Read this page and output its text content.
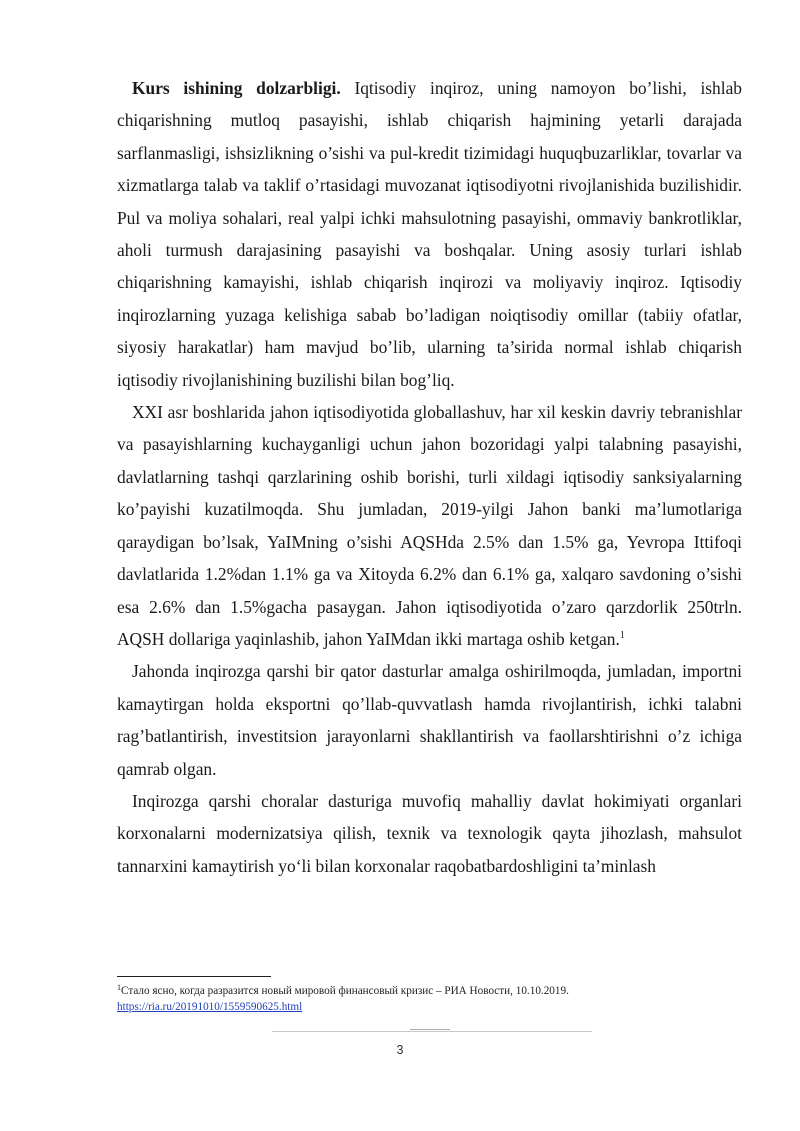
Kurs ishining dolzarbligi. Iqtisodiy inqiroz, uning namoyon bo’lishi, ishlab chiqarishning mutloq pasayishi, ishlab chiqarish hajmining yetarli darajada sarflanmasligi, ishsizlikning o’sishi va pul-kredit tizimidagi huquqbuzarliklar, tovarlar va xizmatlarga talab va taklif o’rtasidagi muvozanat iqtisodiyotni rivojlanishida buzilishidir. Pul va moliya sohalari, real yalpi ichki mahsulotning pasayishi, ommaviy bankrotliklar, aholi turmush darajasining pasayishi va boshqalar. Uning asosiy turlari ishlab chiqarishning kamayishi, ishlab chiqarish inqirozi va moliyaviy inqiroz. Iqtisodiy inqirozlarning yuzaga kelishiga sabab bo’ladigan noiqtisodiy omillar (tabiiy ofatlar, siyosiy harakatlar) ham mavjud bo’lib, ularning ta’sirida normal ishlab chiqarish iqtisodiy rivojlanishining buzilishi bilan bog’liq.

XXI asr boshlarida jahon iqtisodiyotida globallashuv, har xil keskin davriy tebranishlar va pasayishlarning kuchayganligi uchun jahon bozoridagi yalpi talabning pasayishi, davlatlarning tashqi qarzlarining oshib borishi, turli xildagi iqtisodiy sanksiyalarning ko’payishi kuzatilmoqda. Shu jumladan, 2019-yilgi Jahon banki ma’lumotlariga qaraydigan bo’lsak, YaIMning o’sishi AQSHda 2.5% dan 1.5% ga, Yevropa Ittifoqi davlatlarida 1.2%dan 1.1% ga va Xitoyda 6.2% dan 6.1% ga, xalqaro savdoning o’sishi esa 2.6% dan 1.5%gacha pasaygan. Jahon iqtisodiyotida o’zaro qarzdorlik 250trln. AQSH dollariga yaqinlashib, jahon YaIMdan ikki martaga oshib ketgan.$^1$

Jahonda inqirozga qarshi bir qator dasturlar amalga oshirilmoqda, jumladan, importni kamaytirgan holda eksportni qo’llab-quvvatlash hamda rivojlantirish, ichki talabni rag’batlantirish, investitsion jarayonlarni shakllantirish va faollarshtirishni o’z ichiga qamrab olgan.

Inqirozga qarshi choralar dasturiga muvofiq mahalliy davlat hokimiyati organlari korxonalarni modernizatsiya qilish, texnik va texnologik qayta jihozlash, mahsulot tannarxini kamaytirish yo‘li bilan korxonalar raqobatbardoshligini ta’minlash

$^1$Стало ясно, когда разразится новый мировой финансовый кризис – РИА Новости, 10.10.2019.
https://ria.ru/20191010/1559590625.html
3
